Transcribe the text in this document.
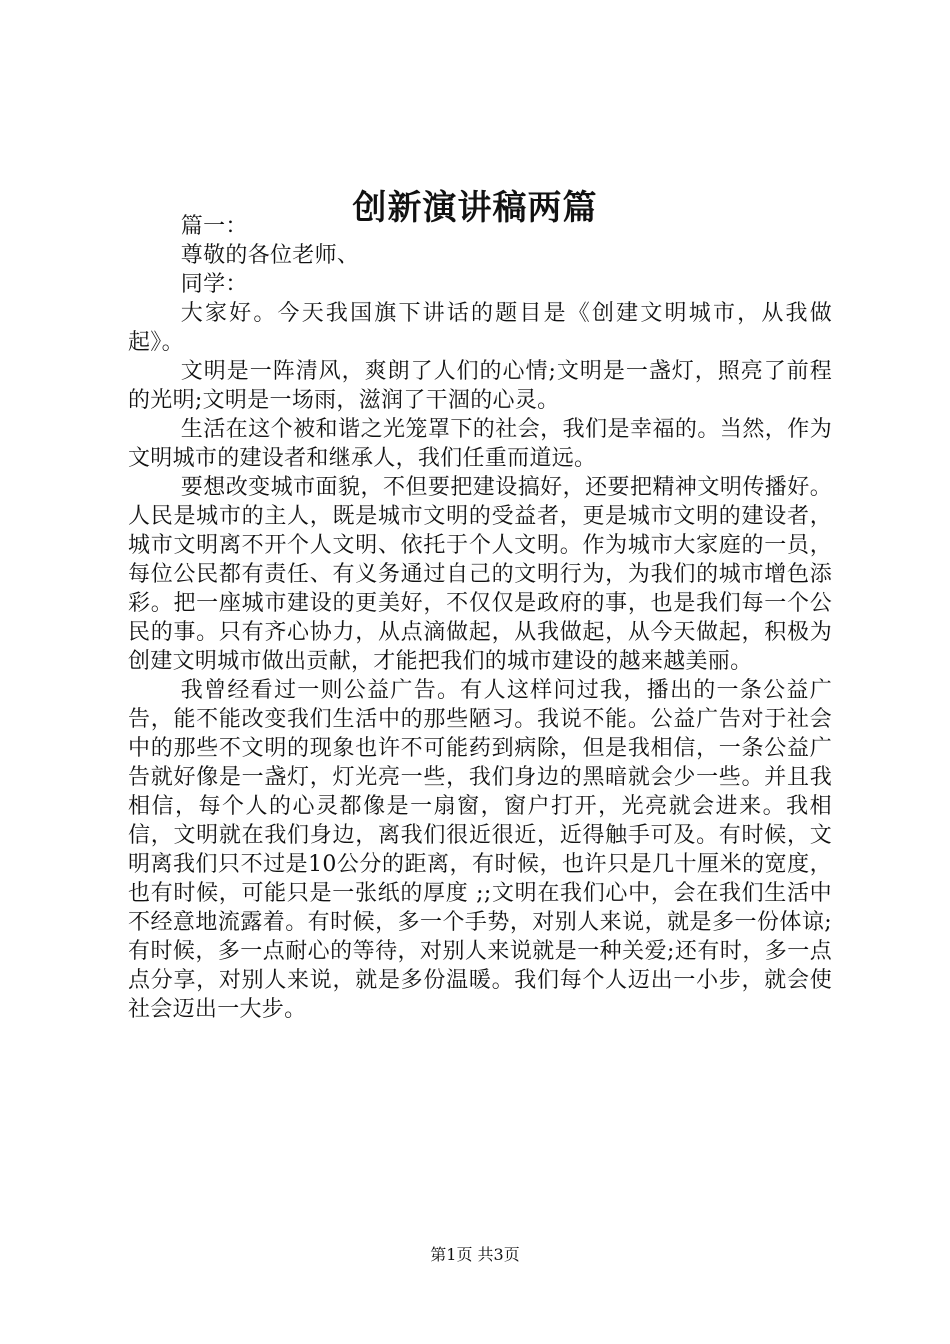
创新演讲稿两篇

篇一：

尊敬的各位老师、

同学：

大家好。今天我国旗下讲话的题目是《创建文明城市，从我做起》。

文明是一阵清风，爽朗了人们的心情;文明是一盏灯，照亮了前程的光明;文明是一场雨，滋润了干涸的心灵。

生活在这个被和谐之光笼罩下的社会，我们是幸福的。当然，作为文明城市的建设者和继承人，我们任重而道远。

要想改变城市面貌，不但要把建设搞好，还要把精神文明传播好。人民是城市的主人，既是城市文明的受益者，更是城市文明的建设者，城市文明离不开个人文明、依托于个人文明。作为城市大家庭的一员，每位公民都有责任、有义务通过自己的文明行为，为我们的城市增色添彩。把一座城市建设的更美好，不仅仅是政府的事，也是我们每一个公民的事。只有齐心协力，从点滴做起，从我做起，从今天做起，积极为创建文明城市做出贡献，才能把我们的城市建设的越来越美丽。

我曾经看过一则公益广告。有人这样问过我，播出的一条公益广告，能不能改变我们生活中的那些陋习。我说不能。公益广告对于社会中的那些不文明的现象也许不可能药到病除，但是我相信，一条公益广告就好像是一盏灯，灯光亮一些，我们身边的黑暗就会少一些。并且我相信，每个人的心灵都像是一扇窗，窗户打开，光亮就会进来。我相信，文明就在我们身边，离我们很近很近，近得触手可及。有时候，文明离我们只不过是10公分的距离，有时候，也许只是几十厘米的宽度，也有时候，可能只是一张纸的厚度 ;;文明在我们心中，会在我们生活中不经意地流露着。有时候，多一个手势，对别人来说，就是多一份体谅;有时候，多一点耐心的等待，对别人来说就是一种关爱;还有时，多一点点分享，对别人来说，就是多份温暖。我们每个人迈出一小步，就会使社会迈出一大步。

第1页 共3页
